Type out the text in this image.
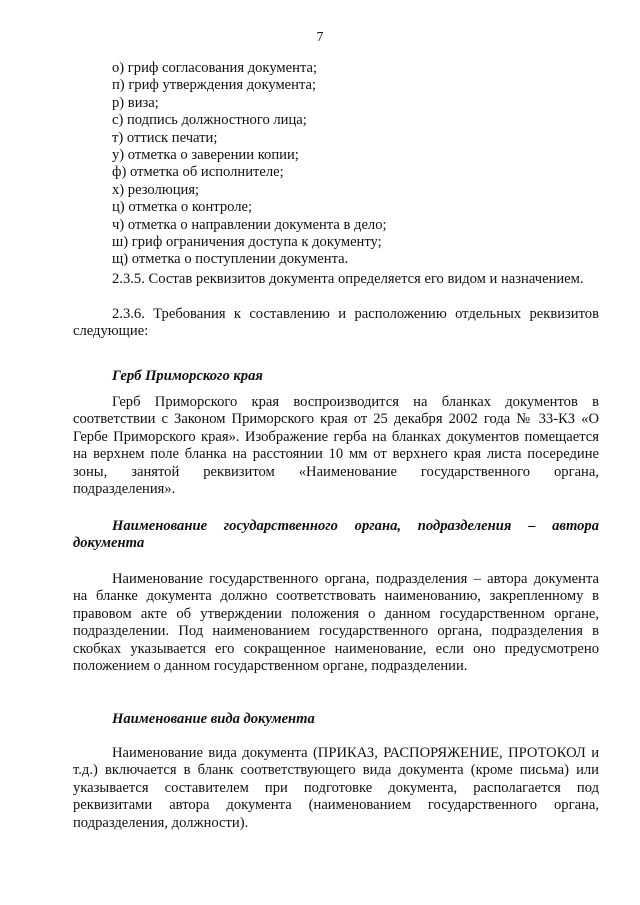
7
о) гриф согласования документа;
п) гриф утверждения документа;
р) виза;
с) подпись должностного лица;
т) оттиск печати;
у) отметка о заверении копии;
ф) отметка об исполнителе;
х) резолюция;
ц) отметка о контроле;
ч) отметка о направлении документа в дело;
ш) гриф ограничения доступа к документу;
щ) отметка о поступлении документа.
2.3.5. Состав реквизитов документа определяется его видом и назначением.
2.3.6. Требования к составлению и расположению отдельных реквизитов следующие:
Герб Приморского края
Герб Приморского края воспроизводится на бланках документов в соответствии с Законом Приморского края от 25 декабря 2002 года № 33-КЗ «О Гербе Приморского края». Изображение герба на бланках документов помещается на верхнем поле бланка на расстоянии 10 мм от верхнего края листа посередине зоны, занятой реквизитом «Наименование государственного органа, подразделения».
Наименование государственного органа, подразделения – автора документа
Наименование государственного органа, подразделения – автора документа на бланке документа должно соответствовать наименованию, закрепленному в правовом акте об утверждении положения о данном государственном органе, подразделении. Под наименованием государственного органа, подразделения в скобках указывается его сокращенное наименование, если оно предусмотрено положением о данном государственном органе, подразделении.
Наименование вида документа
Наименование вида документа (ПРИКАЗ, РАСПОРЯЖЕНИЕ, ПРОТОКОЛ и т.д.) включается в бланк соответствующего вида документа (кроме письма) или указывается составителем при подготовке документа, располагается под реквизитами автора документа (наименованием государственного органа, подразделения, должности).
